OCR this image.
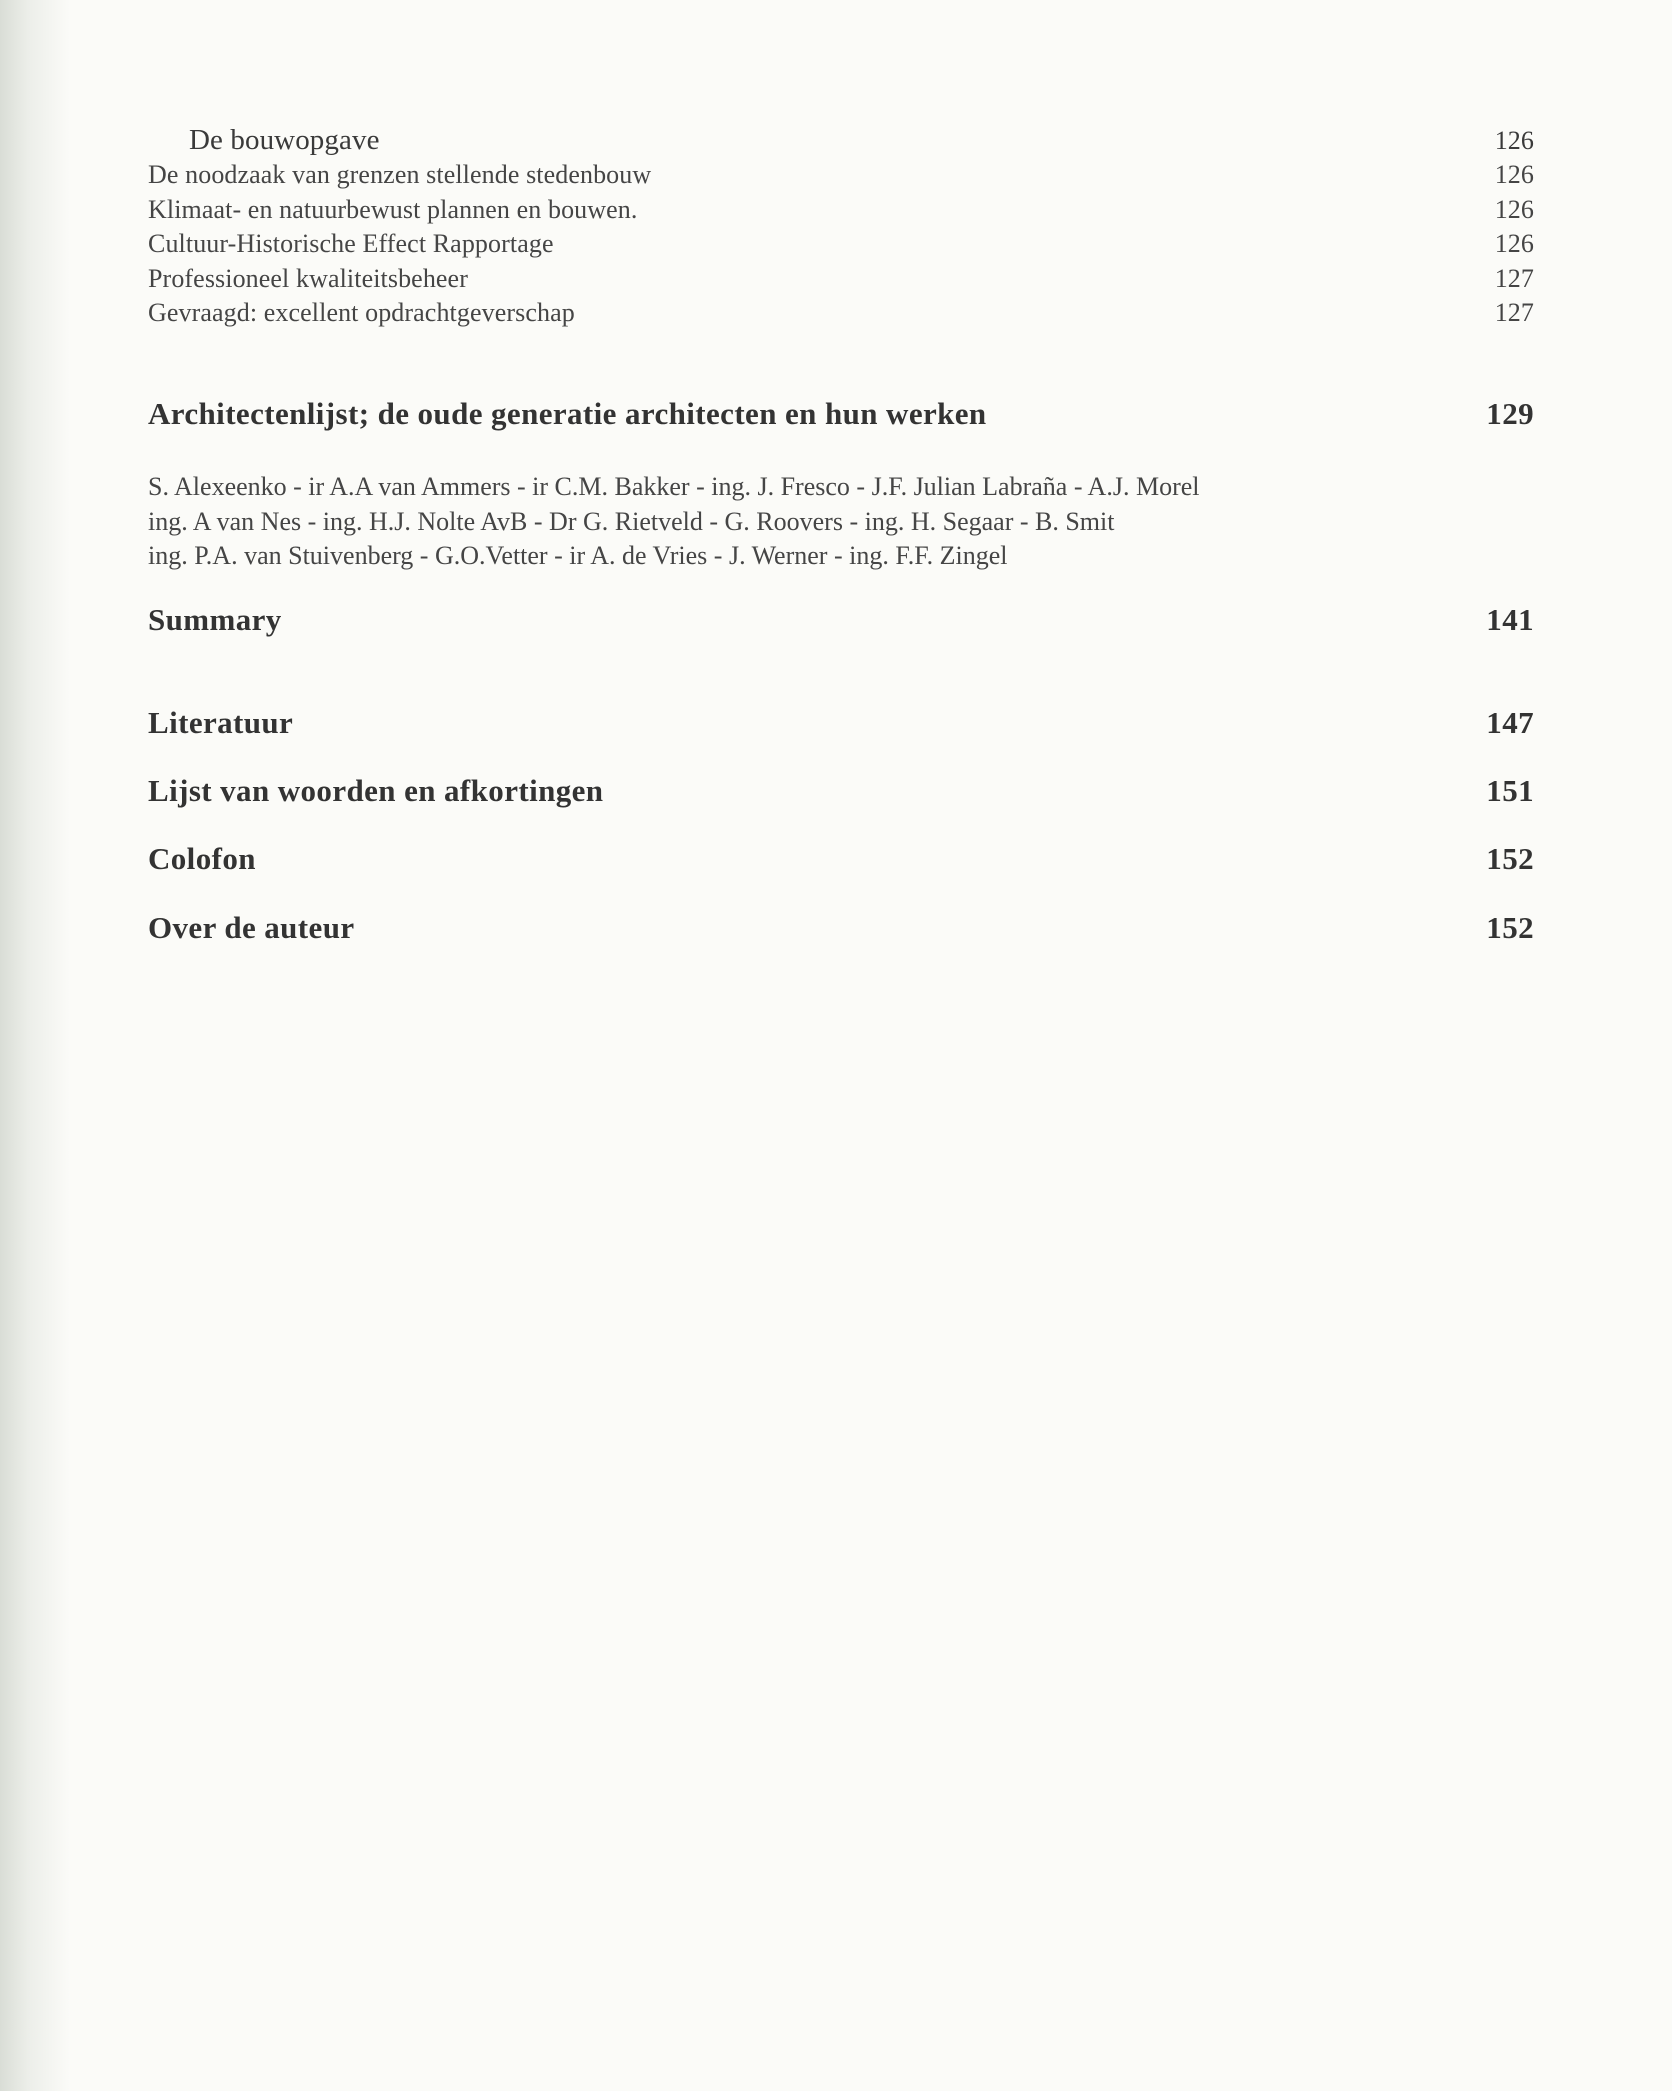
De bouwopgave	126
De noodzaak van grenzen stellende stedenbouw	126
Klimaat- en natuurbewust plannen en bouwen.	126
Cultuur-Historische Effect Rapportage	126
Professioneel kwaliteitsbeheer	127
Gevraagd: excellent opdrachtgeverschap	127
Architectenlijst; de oude generatie architecten en hun werken	129
S. Alexeenko - ir A.A van Ammers - ir C.M. Bakker - ing. J. Fresco - J.F. Julian Labraña - A.J. Morel
ing. A van Nes - ing. H.J. Nolte AvB - Dr G. Rietveld - G. Roovers - ing. H. Segaar - B. Smit
ing. P.A. van Stuivenberg - G.O.Vetter - ir A. de Vries - J. Werner - ing. F.F. Zingel
Summary	141
Literatuur	147
Lijst van woorden en afkortingen	151
Colofon	152
Over de auteur	152
